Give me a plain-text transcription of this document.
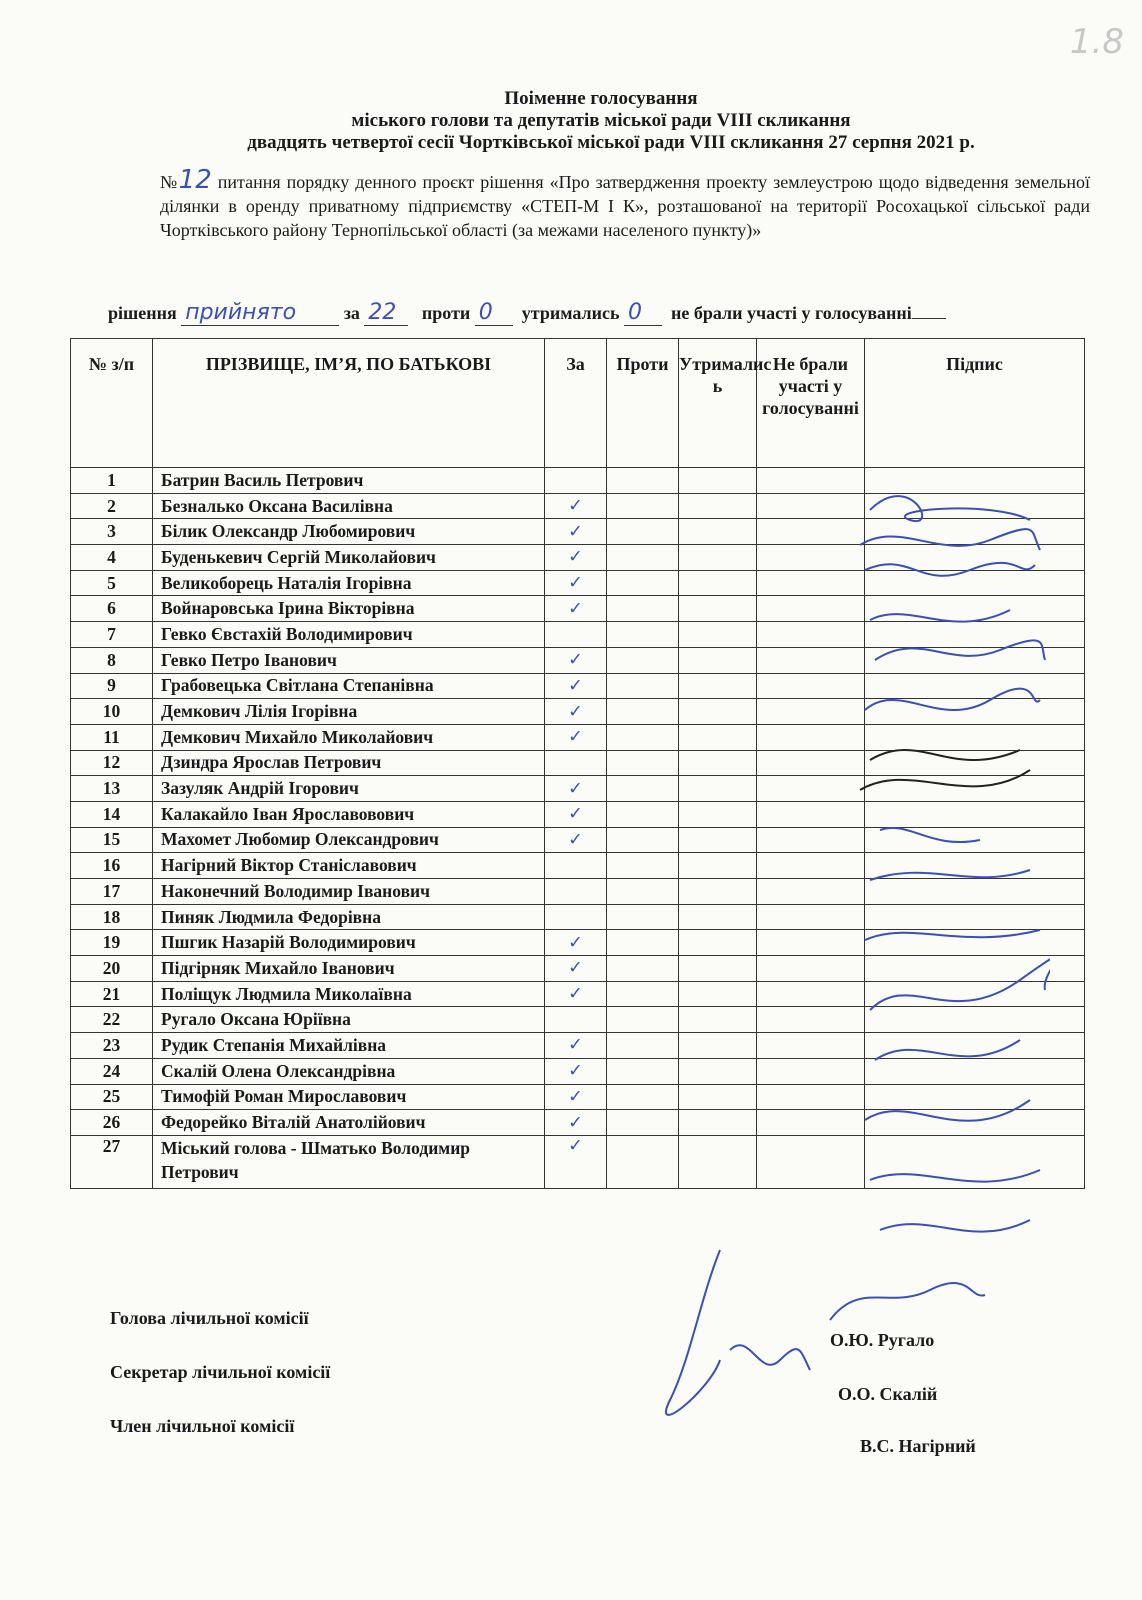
1.8
Поіменне голосування
міського голови та депутатів міської ради VIII скликання
двадцять четвертої сесії Чортківської міської ради VIII скликання 27 серпня 2021 р.
№12 питання порядку денного проєкт рішення «Про затвердження проекту землеустрою щодо відведення земельної ділянки в оренду приватному підприємству «СТЕП-М І К», розташованої на території Росохацької сільської ради Чортківського району Тернопільської області (за межами населеного пункту)»
рішення прийнято	за 22 проти 0 утримались 0 не брали участі у голосуванні
№ з/п	ПРІЗВИЩЕ, ІМ’Я, ПО БАТЬКОВІ	За	Проти	Утрималис ь	Не брали участі у голосуванні	Підпис
1	Батрин Василь Петрович					
2	Безналько Оксана Василівна	✓				
3	Білик Олександр Любомирович	✓				
4	Буденькевич Сергій Миколайович	✓				
5	Великоборець Наталія Ігорівна	✓				
6	Войнаровська Ірина Вікторівна	✓				
7	Гевко Євстахій Володимирович					
8	Гевко Петро Іванович	✓				
9	Грабовецька Світлана Степанівна	✓				
10	Демкович Лілія Ігорівна	✓				
11	Демкович Михайло Миколайович	✓				
12	Дзиндра Ярослав Петрович					
13	Зазуляк Андрій Ігорович	✓				
14	Калакайло Іван Ярославовович	✓				
15	Махомет Любомир Олександрович	✓				
16	Нагірний Віктор Станіславович					
17	Наконечний Володимир Іванович					
18	Пиняк Людмила Федорівна					
19	Пшгик Назарій Володимирович	✓				
20	Підгірняк Михайло Іванович	✓				
21	Поліщук Людмила Миколаївна	✓				
22	Ругало Оксана Юріївна					
23	Рудик Степанія Михайлівна	✓				
24	Скалій Олена Олександрівна	✓				
25	Тимофій Роман Мирославович	✓				
26	Федорейко Віталій Анатолійович	✓				
27	Міський голова - Шматько Володимир Петрович	✓				
Голова лічильної комісії
Секретар лічильної комісії
Член лічильної комісії
О.Ю. Ругало
О.О. Скалій
В.С. Нагірний
